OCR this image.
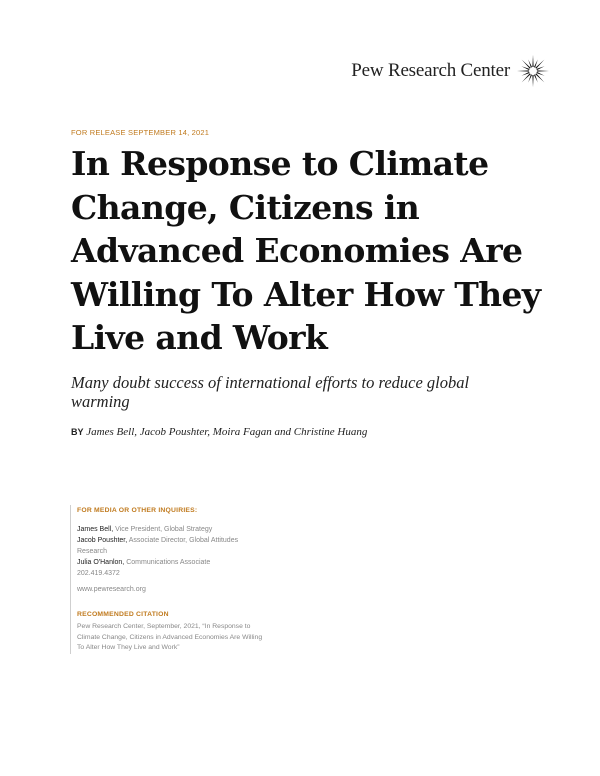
Pew Research Center
FOR RELEASE SEPTEMBER 14, 2021
In Response to Climate Change, Citizens in Advanced Economies Are Willing To Alter How They Live and Work

Many doubt success of international efforts to reduce global warming

BY James Bell, Jacob Poushter, Moira Fagan and Christine Huang
FOR MEDIA OR OTHER INQUIRIES:
James Bell, Vice President, Global Strategy
Jacob Poushter, Associate Director, Global Attitudes Research
Julia O'Hanlon, Communications Associate
202.419.4372
www.pewresearch.org
RECOMMENDED CITATION
Pew Research Center, September, 2021, “In Response to Climate Change, Citizens in Advanced Economies Are Willing To Alter How They Live and Work”
